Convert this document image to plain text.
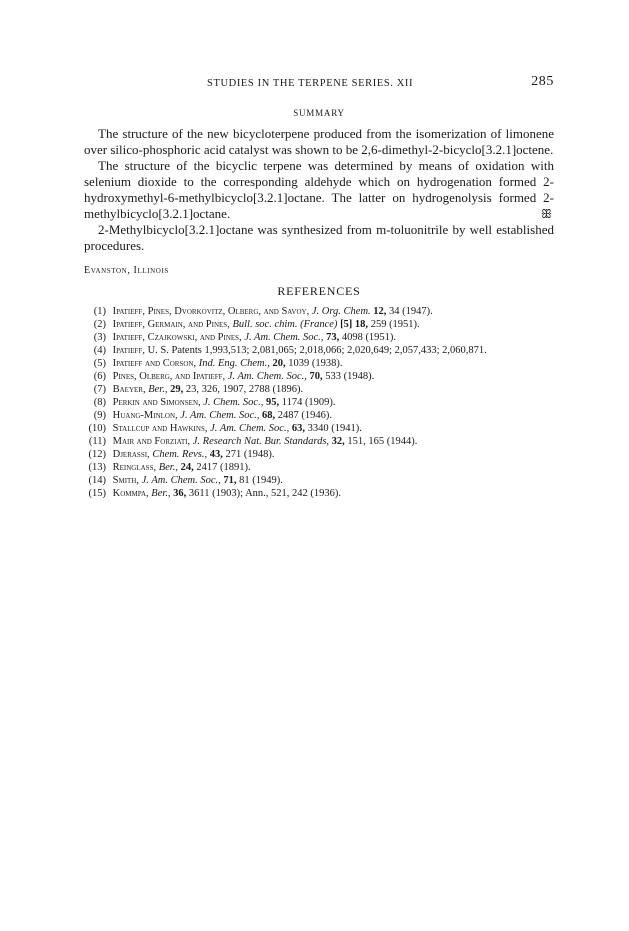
STUDIES IN THE TERPENE SERIES. XII	285
SUMMARY

The structure of the new bicycloterpene produced from the isomerization of limonene over silico-phosphoric acid catalyst was shown to be 2,6-dimethyl-2-bicyclo[3.2.1]octene.

The structure of the bicyclic terpene was determined by means of oxidation with selenium dioxide to the corresponding aldehyde which on hydrogenation formed 2-hydroxymethyl-6-methylbicyclo[3.2.1]octane. The latter on hydrogenolysis formed 2-methylbicyclo[3.2.1]octane.	ꕥ

2-Methylbicyclo[3.2.1]octane was synthesized from m-toluonitrile by well established procedures.

Evanston, Illinois
REFERENCES
(1) Ipatieff, Pines, Dvorkovitz, Olberg, and Savoy, J. Org. Chem. 12, 34 (1947).
(2) Ipatieff, Germain, and Pines, Bull. soc. chim. (France) [5] 18, 259 (1951).
(3) Ipatieff, Czajkowski, and Pines, J. Am. Chem. Soc., 73, 4098 (1951).
(4) Ipatieff, U. S. Patents 1,993,513; 2,081,065; 2,018,066; 2,020,649; 2,057,433; 2,060,871.
(5) Ipatieff and Corson, Ind. Eng. Chem., 20, 1039 (1938).
(6) Pines, Olberg, and Ipatieff, J. Am. Chem. Soc., 70, 533 (1948).
(7) Baeyer, Ber., 29, 23, 326, 1907, 2788 (1896).
(8) Perkin and Simonsen, J. Chem. Soc., 95, 1174 (1909).
(9) Huang-Minlon, J. Am. Chem. Soc., 68, 2487 (1946).
(10) Stallcup and Hawkins, J. Am. Chem. Soc., 63, 3340 (1941).
(11) Mair and Forziati, J. Research Nat. Bur. Standards, 32, 151, 165 (1944).
(12) Djerassi, Chem. Revs., 43, 271 (1948).
(13) Reinglass, Ber., 24, 2417 (1891).
(14) Smith, J. Am. Chem. Soc., 71, 81 (1949).
(15) Kommpa, Ber., 36, 3611 (1903); Ann., 521, 242 (1936).
